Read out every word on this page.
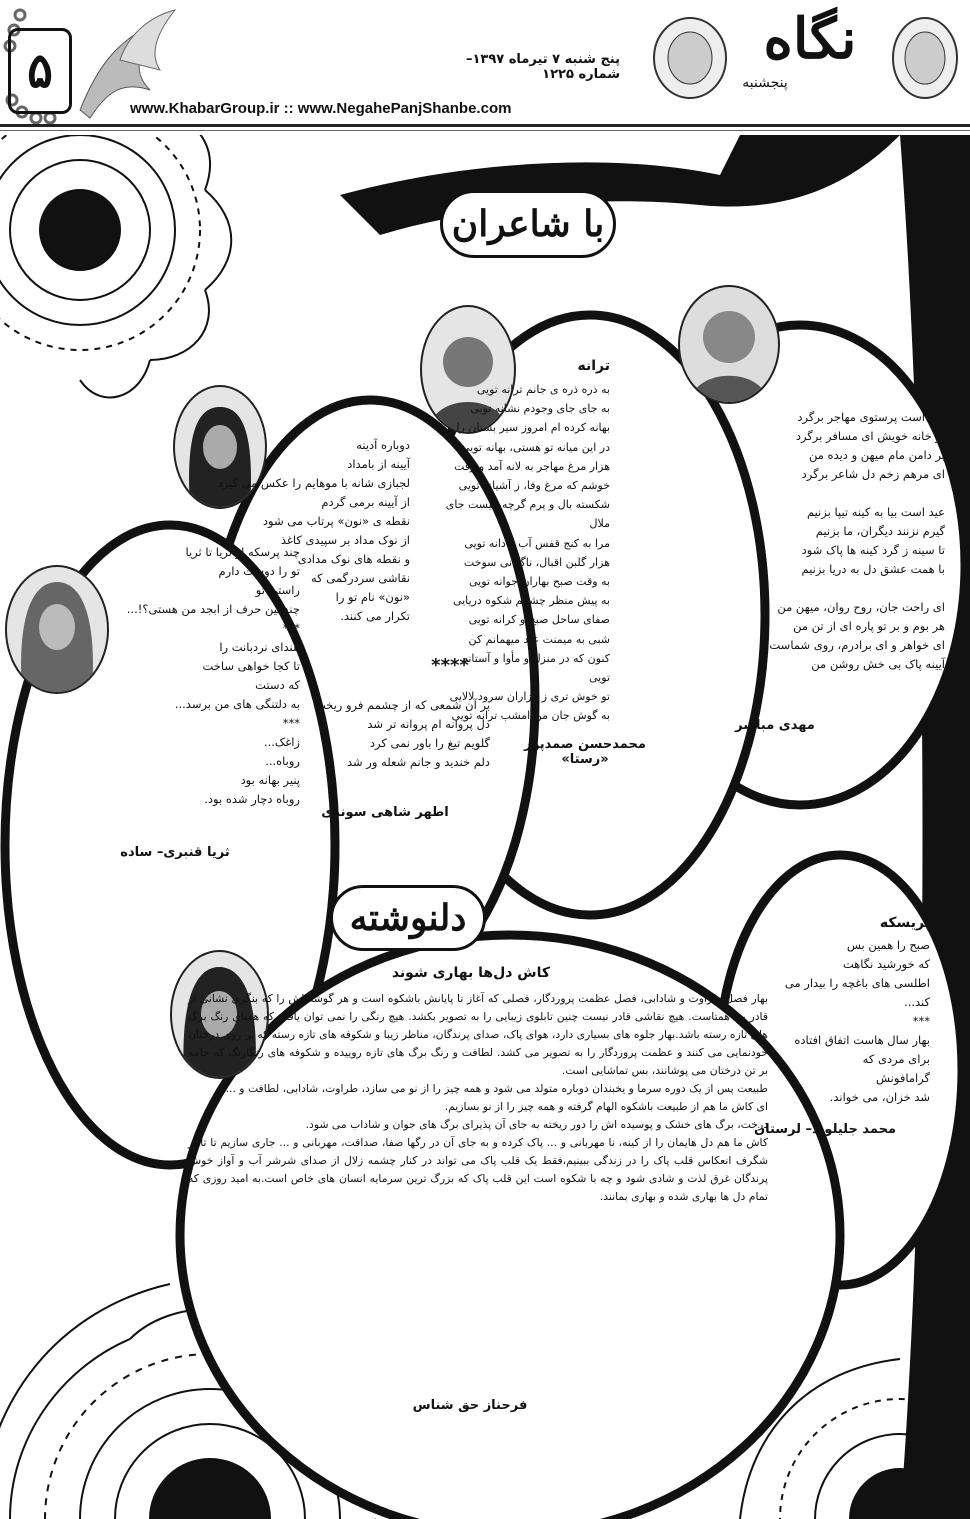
۵	پنج شنبه ۷ تیرماه ۱۳۹۷– شماره ۱۲۲۵
www.KhabarGroup.ir :: www.NegahePanjShanbe.com
نگاه
پنجشنبه
با شاعران
دلنوشته
عید است پرستوی مهاجر برگرد
بر خانه خویش ای مسافر برگرد
بر دامن مام میهن و دیده من
ای مرهم زخم دل شاعر برگرد

عید است بیا به کینه تیپا بزنیم
گیرم نزنند دیگران، ما بزنیم
تا سینه ز گرد کینه ها پاک شود
با همت عشق دل به دریا بزنیم

ای راحت جان، روح روان، میهن من
هر بوم و بر تو پاره ای از تن من
ای خواهر و ای برادرم، روی شماست
آیینه پاک بی خش روشن من
مهدی مباشر
ترانه
به ذره ذره ی جانم ترانه تویی
به جای جای وجودم نشانه تویی
بهانه کرده ام امروز سیر بستان را
در این میانه تو هستی، بهانه تویی
هزار مرغ مهاجر به لانه آمد و رفت
خوشم که مرغ وفا، ز آشیانه تویی
شکسته بال و پرم گرچه، نیست جای ملال
مرا به کنج قفس آب و دانه تویی
هزار گلبن اقبال، ناگهانی سوخت
به وقت صبح بهاران جوانه تویی
به پیش منظر چشمم شکوه دریایی
صفای ساحل صبح و کرانه تویی
شبی به میمنت عید میهمانم کن
کنون که در منزل و مأوا و آستانه تویی
تو خوش تری ز هزاران سرود لالایی
به گوش جان من امشب ترانه تویی
محمدحسن صمدپور «رستا»
دوباره آدینه
آیینه از بامداد
لجبازی شانه با موهایم را عکس می گیرد
از آیینه برمی گردم
نقطه ی «نون» پرتاب می شود
از نوک مداد بر سپیدی کاغذ
و نقطه های نوک مدادی
نقاشی سردرگمی که
«نون» نام تو را
تکرار می کنند.
****
بر آن شمعی که از چشمم فرو ریخت
دل پروانه ام پروانه تر شد
گلویم تیغ را باور نمی کرد
دلم خندید و جانم شعله ور شد
اطهر شاهی سوندی
چند پرسکه از ثریا تا ثریا
تو را دوست دارم
راستی تو
چندمین حرف از ابجد من هستی؟!...
***
بلندای نردبانت را
تا کجا خواهی ساخت
که دستت
به دلتنگی های من برسد...
***
زاغک...
روباه...
پنیر بهانه بود
روباه دچار شده بود.
ثریا قنبری– ساده
پریسکه
صبح را همین بس
که خورشید نگاهت
اطلسی های باغچه را بیدار می کند...
***
بهار سال هاست اتفاق افتاده
برای مردی که
گرامافونش
شد خزان، می خواند.
محمد جلیلوند– لرستان
کاش دل‌ها بهاری شوند
بهار فصل طراوت و شادابی، فصل عظمت پروردگار، فصلی که آغاز تا پایانش باشکوه است و هر گوشه اش را که بنگری نشانی از قادر بی همتاست. هیچ نقاشی قادر نیست چنین تابلوی زیبایی را به تصویر بکشد. هیچ رنگی را نمی توان یافت که همتای رنگ برگ های تازه رسته باشد.بهار جلوه های بسیاری دارد، هوای پاک، صدای پرندگان، مناظر زیبا و شکوفه های تازه رسته که بر روی درختان خودنمایی می کنند و عظمت پروردگار را به تصویر می کشد. لطافت و رنگ برگ های تازه روییده و شکوفه های رنگارنگ که جامه بر تن درختان می پوشانند، بس تماشایی است.
طبیعت پس از یک دوره سرما و یخبندان دوباره متولد می شود و همه چیز را از نو می سازد، طراوت، شادابی، لطافت و ...
ای کاش ما هم از طبیعت باشکوه الهام گرفته و همه چیز را از نو بسازیم.
درخت، برگ های خشک و پوسیده اش را دور ریخته به جای آن پذیرای برگ های جوان و شاداب می شود.
کاش ما هم دل هایمان را از کینه، نا مهربانی و ... پاک کرده و به جای آن در رگها صفا، صداقت، مهربانی و ... جاری سازیم تا تاثیر شگرف انعکاس قلب پاک را در زندگی ببینیم،فقط یک قلب پاک می تواند در کنار چشمه زلال از صدای شرشر آب و آواز خوش پرندگان غرق لذت و شادی شود و چه با شکوه است این قلب پاک که بزرگ ترین سرمایه انسان های خاص است.به امید روزی که تمام دل ها بهاری شده و بهاری بمانند.
فرحناز حق شناس
